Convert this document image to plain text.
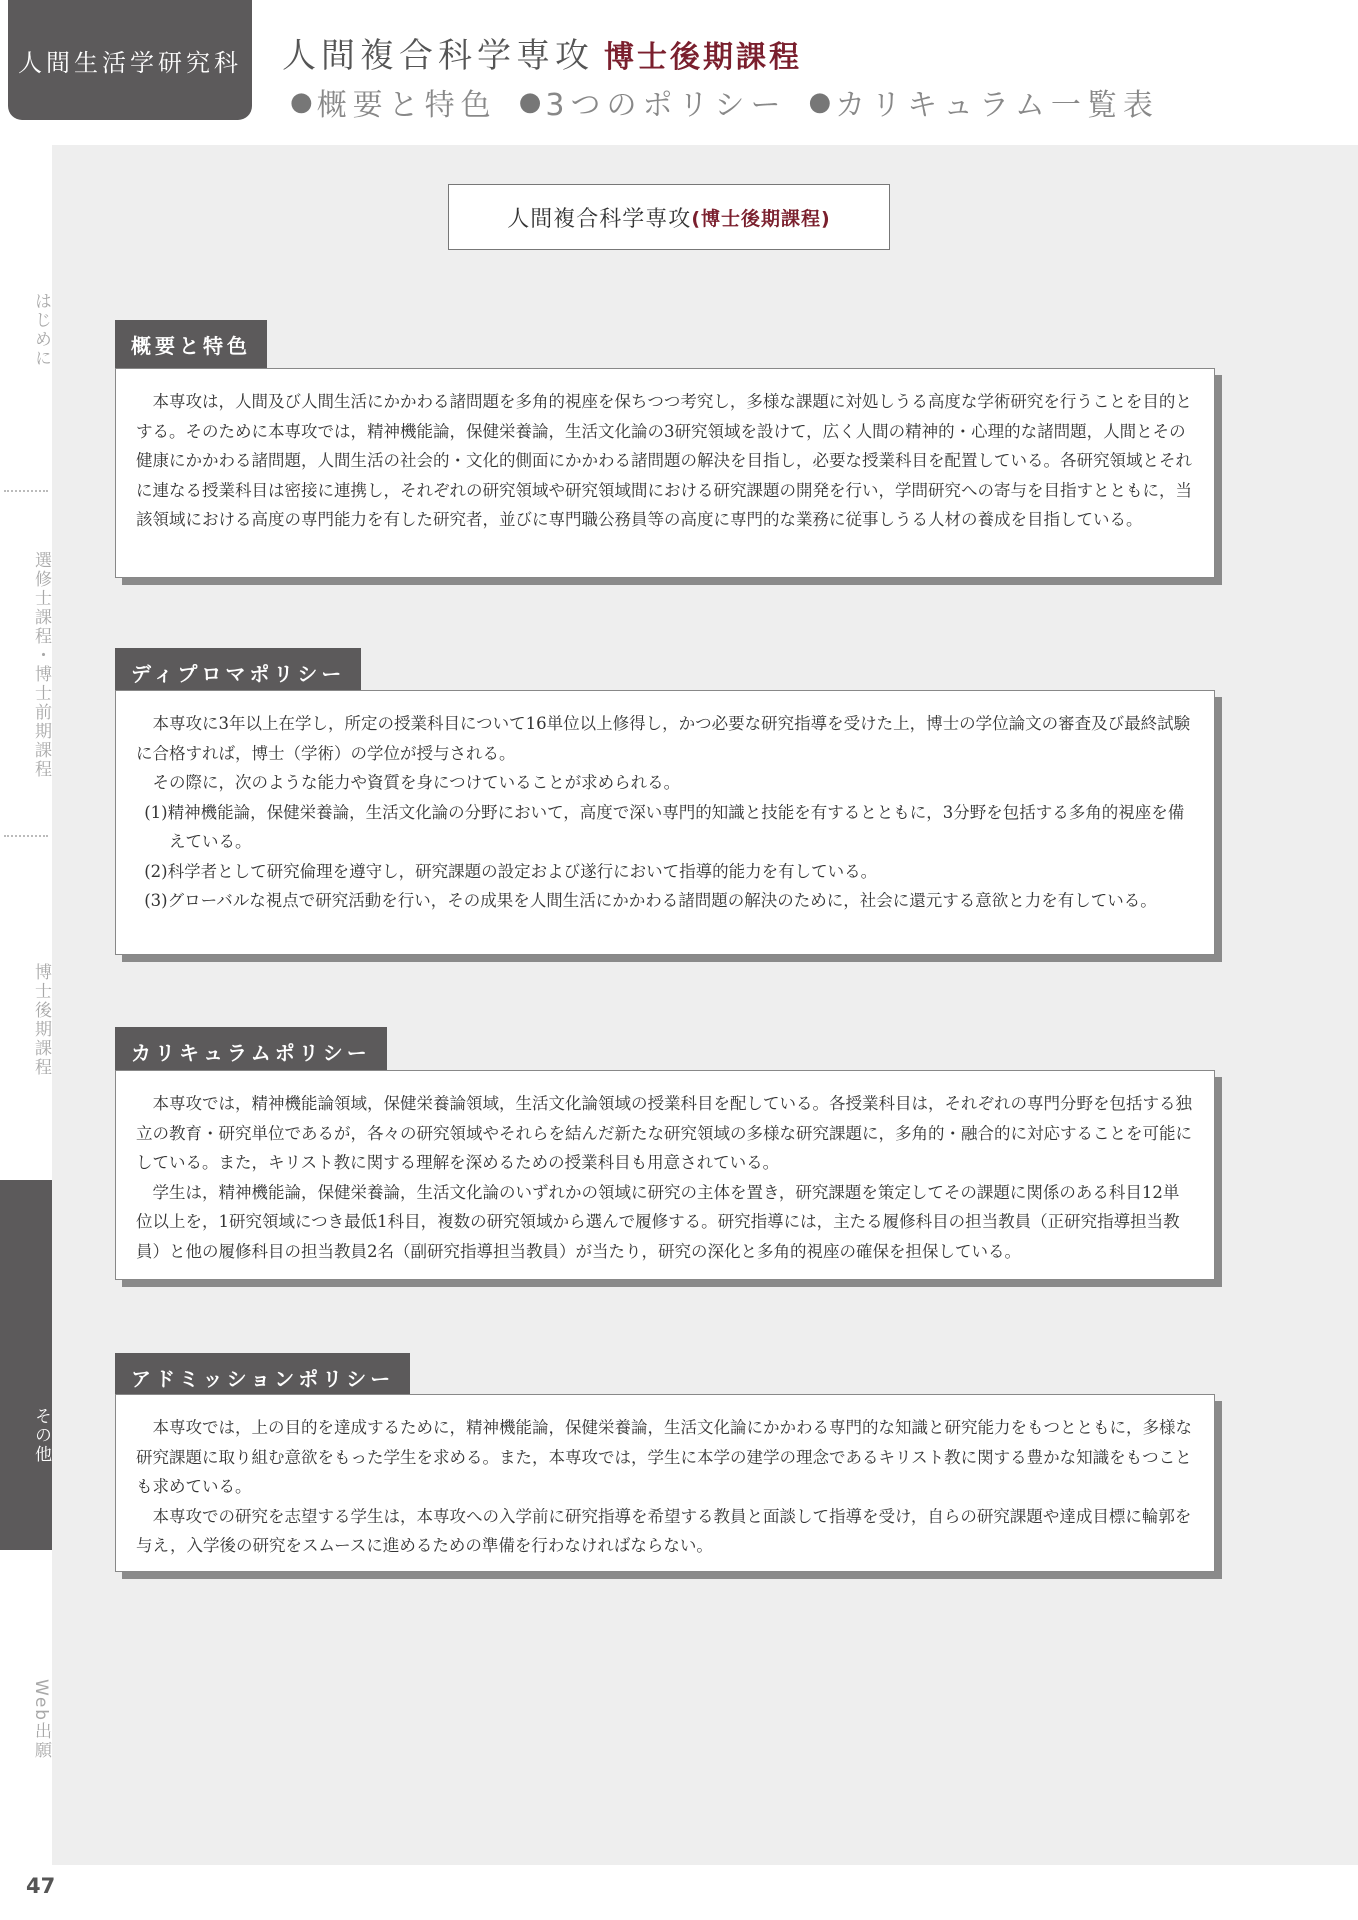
人間生活学研究科 人間複合科学専攻 博士後期課程
● 概要と特色 ● 3つのポリシー ● カリキュラム一覧表
はじめに
選修士課程・博士前期課程
博士後期課程
その他
Web出願
人間複合科学専攻 (博士後期課程)
概要と特色

本専攻は，人間及び人間生活にかかわる諸問題を多角的視座を保ちつつ考究し，多様な課題に対処しうる高度な学術研究を行うことを目的とする。そのために本専攻では，精神機能論，保健栄養論，生活文化論の3研究領域を設けて，広く人間の精神的・心理的な諸問題，人間とその健康にかかわる諸問題，人間生活の社会的・文化的側面にかかわる諸問題の解決を目指し，必要な授業科目を配置している。各研究領域とそれに連なる授業科目は密接に連携し，それぞれの研究領域や研究領域間における研究課題の開発を行い，学問研究への寄与を目指すとともに，当該領域における高度の専門能力を有した研究者，並びに専門職公務員等の高度に専門的な業務に従事しうる人材の養成を目指している。

ディプロマポリシー

本専攻に3年以上在学し，所定の授業科目について16単位以上修得し，かつ必要な研究指導を受けた上，博士の学位論文の審査及び最終試験に合格すれば，博士（学術）の学位が授与される。

その際に，次のような能力や資質を身につけていることが求められる。

(1)精神機能論，保健栄養論，生活文化論の分野において，高度で深い専門的知識と技能を有するとともに，3分野を包括する多角的視座を備えている。

(2)科学者として研究倫理を遵守し，研究課題の設定および遂行において指導的能力を有している。

(3)グローバルな視点で研究活動を行い，その成果を人間生活にかかわる諸問題の解決のために，社会に還元する意欲と力を有している。

カリキュラムポリシー

本専攻では，精神機能論領域，保健栄養論領域，生活文化論領域の授業科目を配している。各授業科目は，それぞれの専門分野を包括する独立の教育・研究単位であるが，各々の研究領域やそれらを結んだ新たな研究領域の多様な研究課題に，多角的・融合的に対応することを可能にしている。また，キリスト教に関する理解を深めるための授業科目も用意されている。

学生は，精神機能論，保健栄養論，生活文化論のいずれかの領域に研究の主体を置き，研究課題を策定してその課題に関係のある科目12単位以上を，1研究領域につき最低1科目，複数の研究領域から選んで履修する。研究指導には，主たる履修科目の担当教員（正研究指導担当教員）と他の履修科目の担当教員2名（副研究指導担当教員）が当たり，研究の深化と多角的視座の確保を担保している。

アドミッションポリシー

本専攻では，上の目的を達成するために，精神機能論，保健栄養論，生活文化論にかかわる専門的な知識と研究能力をもつとともに，多様な研究課題に取り組む意欲をもった学生を求める。また，本専攻では，学生に本学の建学の理念であるキリスト教に関する豊かな知識をもつことも求めている。

本専攻での研究を志望する学生は，本専攻への入学前に研究指導を希望する教員と面談して指導を受け，自らの研究課題や達成目標に輪郭を与え，入学後の研究をスムースに進めるための準備を行わなければならない。

47
